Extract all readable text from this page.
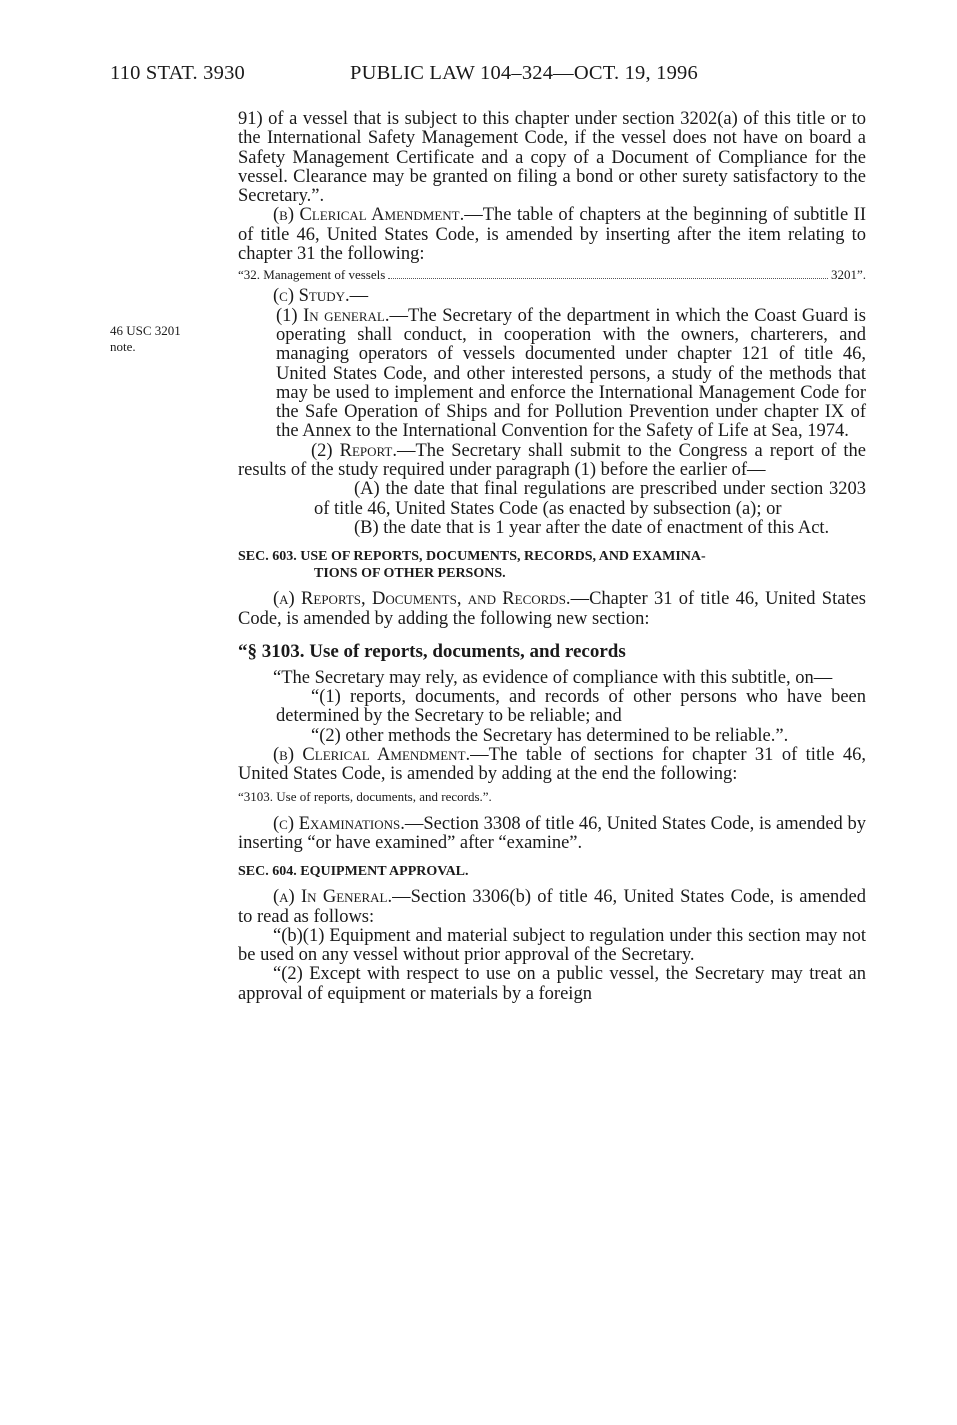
110 STAT. 3930	PUBLIC LAW 104–324—OCT. 19, 1996
46 USC 3201
note.

91) of a vessel that is subject to this chapter under section 3202(a) of this title or to the International Safety Management Code, if the vessel does not have on board a Safety Management Certificate and a copy of a Document of Compliance for the vessel. Clearance may be granted on filing a bond or other surety satisfactory to the Secretary.”.

(b) Clerical Amendment.—The table of chapters at the beginning of subtitle II of title 46, United States Code, is amended by inserting after the item relating to chapter 31 the following:

“32. Management of vessels	3201”.

(c) Study.—

(1) In general.—The Secretary of the department in which the Coast Guard is operating shall conduct, in cooperation with the owners, charterers, and managing operators of vessels documented under chapter 121 of title 46, United States Code, and other interested persons, a study of the methods that may be used to implement and enforce the International Management Code for the Safe Operation of Ships and for Pollution Prevention under chapter IX of the Annex to the International Convention for the Safety of Life at Sea, 1974.

(2) Report.—The Secretary shall submit to the Congress a report of the results of the study required under paragraph (1) before the earlier of—

(A) the date that final regulations are prescribed under section 3203 of title 46, United States Code (as enacted by subsection (a); or

(B) the date that is 1 year after the date of enactment of this Act.

SEC. 603. USE OF REPORTS, DOCUMENTS, RECORDS, AND EXAMINA-
TIONS OF OTHER PERSONS.

(a) Reports, Documents, and Records.—Chapter 31 of title 46, United States Code, is amended by adding the following new section:

“§ 3103. Use of reports, documents, and records

“The Secretary may rely, as evidence of compliance with this subtitle, on—

“(1) reports, documents, and records of other persons who have been determined by the Secretary to be reliable; and

“(2) other methods the Secretary has determined to be reliable.”.

(b) Clerical Amendment.—The table of sections for chapter 31 of title 46, United States Code, is amended by adding at the end the following:

“3103. Use of reports, documents, and records.”.

(c) Examinations.—Section 3308 of title 46, United States Code, is amended by inserting “or have examined” after “examine”.

SEC. 604. EQUIPMENT APPROVAL.

(a) In General.—Section 3306(b) of title 46, United States Code, is amended to read as follows:

“(b)(1) Equipment and material subject to regulation under this section may not be used on any vessel without prior approval of the Secretary.

“(2) Except with respect to use on a public vessel, the Secretary may treat an approval of equipment or materials by a foreign
